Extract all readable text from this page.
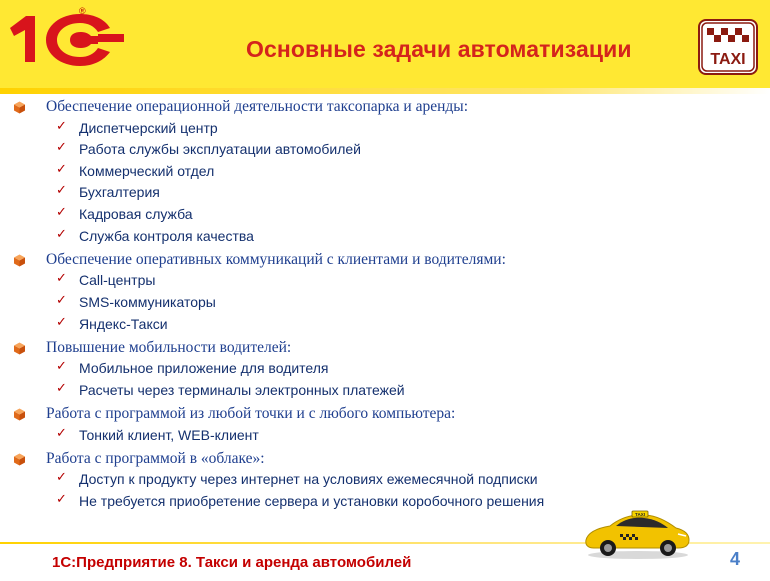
®
Основные задачи автоматизации	TAXI
Обеспечение операционной деятельности таксопарка и аренды:
✓ Диспетчерский центр
✓ Работа службы эксплуатации автомобилей
✓ Коммерческий отдел
✓ Бухгалтерия
✓ Кадровая служба
✓ Служба контроля качества
Обеспечение оперативных коммуникаций с клиентами и водителями:
✓ Call-центры
✓ SMS-коммуникаторы
✓ Яндекс-Такси
Повышение мобильности водителей:
✓ Мобильное приложение для водителя
✓ Расчеты через терминалы электронных платежей
Работа с программой из любой точки и с любого компьютера:
✓ Тонкий клиент, WEB-клиент
Работа с программой в «облаке»:
✓ Доступ к продукту через интернет на условиях ежемесячной подписки
✓ Не требуется приобретение сервера и установки коробочного решения
1С:Предприятие 8. Такси и аренда автомобилей
TAXI
4
